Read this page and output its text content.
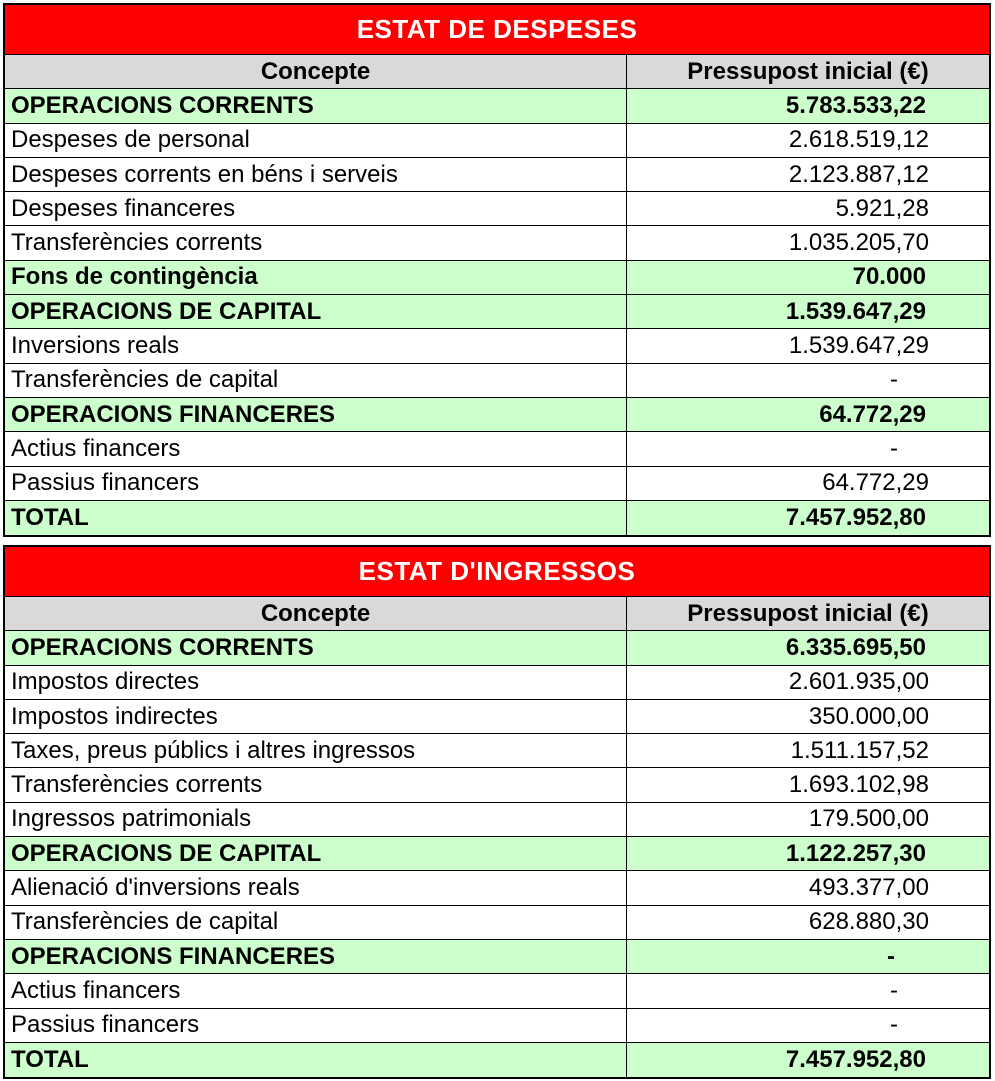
ESTAT DE DESPESES
Concepte	Pressupost inicial (€)
OPERACIONS CORRENTS	5.783.533,22
Despeses de personal	2.618.519,12
Despeses corrents en béns i serveis	2.123.887,12
Despeses financeres	5.921,28
Transferències corrents	1.035.205,70
Fons de contingència	70.000
OPERACIONS DE CAPITAL	1.539.647,29
Inversions reals	1.539.647,29
Transferències de capital	-
OPERACIONS FINANCERES	64.772,29
Actius financers	-
Passius financers	64.772,29
TOTAL	7.457.952,80
ESTAT D'INGRESSOS
Concepte	Pressupost inicial (€)
OPERACIONS CORRENTS	6.335.695,50
Impostos directes	2.601.935,00
Impostos indirectes	350.000,00
Taxes, preus públics i altres ingressos	1.511.157,52
Transferències corrents	1.693.102,98
Ingressos patrimonials	179.500,00
OPERACIONS DE CAPITAL	1.122.257,30
Alienació d'inversions reals	493.377,00
Transferències de capital	628.880,30
OPERACIONS FINANCERES	-
Actius financers	-
Passius financers	-
TOTAL	7.457.952,80
